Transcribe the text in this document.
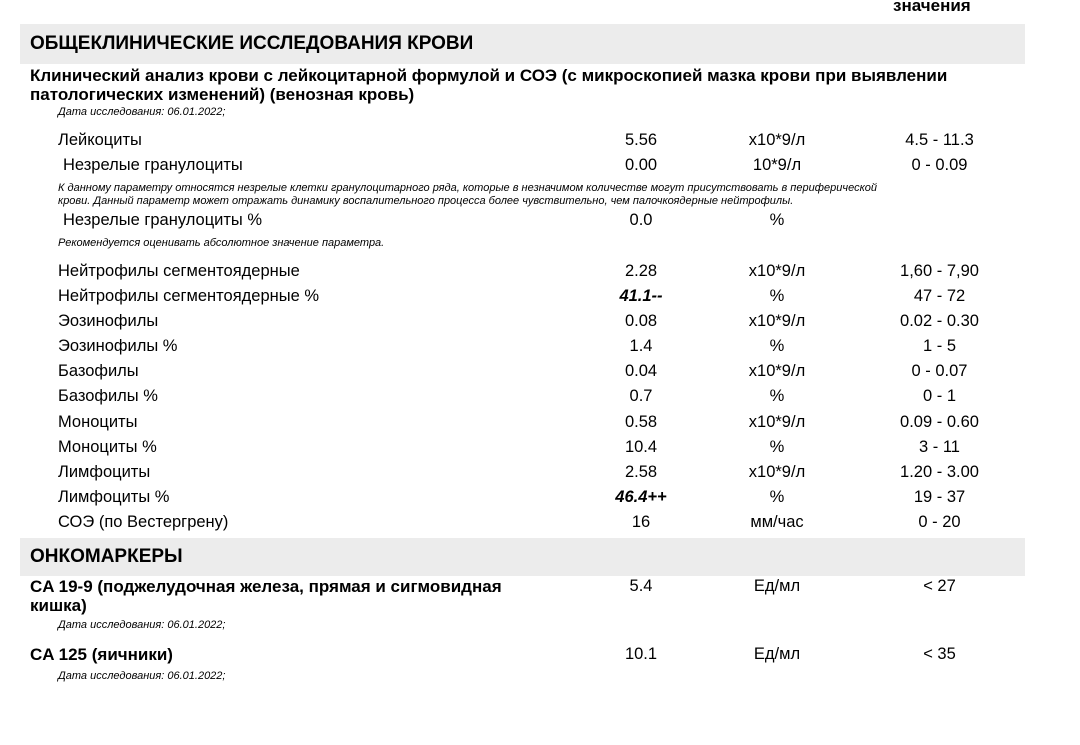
значения
ОБЩЕКЛИНИЧЕСКИЕ ИССЛЕДОВАНИЯ КРОВИ
Клинический анализ крови с лейкоцитарной формулой и СОЭ (с микроскопией мазка крови при выявлении
патологических изменений) (венозная кровь)
Дата исследования: 06.01.2022;
Лейкоциты	5.56	x10*9/л	4.5 - 11.3
Незрелые гранулоциты	0.00	10*9/л	0 - 0.09
К данному параметру относятся незрелые клетки гранулоцитарного ряда, которые в незначимом количестве могут присутствовать в периферической
крови. Данный параметр может отражать динамику воспалительного процесса более чувствительно, чем палочкоядерные нейтрофилы.
Незрелые гранулоциты %	0.0	%
Рекомендуется оценивать абсолютное значение параметра.
Нейтрофилы сегментоядерные	2.28	x10*9/л	1,60 - 7,90
Нейтрофилы сегментоядерные %	41.1--	%	47 - 72
Эозинофилы	0.08	x10*9/л	0.02 - 0.30
Эозинофилы %	1.4	%	1 - 5
Базофилы	0.04	x10*9/л	0 - 0.07
Базофилы %	0.7	%	0 - 1
Моноциты	0.58	x10*9/л	0.09 - 0.60
Моноциты %	10.4	%	3 - 11
Лимфоциты	2.58	x10*9/л	1.20 - 3.00
Лимфоциты %	46.4++	%	19 - 37
СОЭ (по Вестергрену)	16	мм/час	0 - 20
ОНКОМАРКЕРЫ
CA 19-9 (поджелудочная железа, прямая и сигмовидная
кишка)
5.4	Ед/мл	< 27
Дата исследования: 06.01.2022;
CA 125 (яичники)	10.1	Ед/мл	< 35
Дата исследования: 06.01.2022;
